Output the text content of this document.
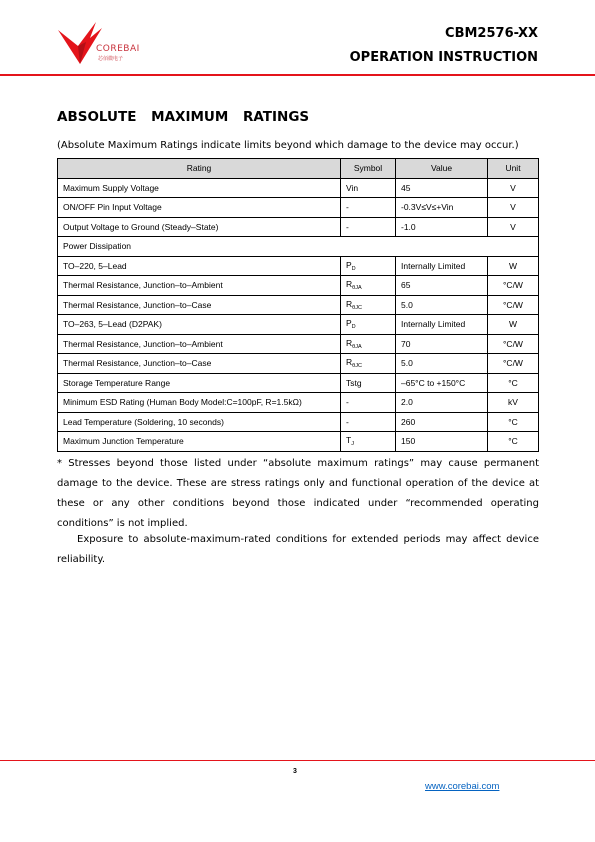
COREBAI
芯佰微电子
CBM2576-XX
OPERATION INSTRUCTION
ABSOLUTE MAXIMUM RATINGS
(Absolute Maximum Ratings indicate limits beyond which damage to the device may occur.)
Rating	Symbol	Value	Unit
Maximum Supply Voltage	Vin	45	V
ON/OFF Pin Input Voltage	-	-0.3V≤V≤+Vin	V
Output Voltage to Ground (Steady–State)	-	-1.0	V
Power Dissipation			
TO–220, 5–Lead	$P_D$	Internally Limited	W
Thermal Resistance, Junction–to–Ambient	$R_{\theta JA}$	65	°C/W
Thermal Resistance, Junction–to–Case	$R_{\theta JC}$	5.0	°C/W
TO–263, 5–Lead (D2PAK)	$P_D$	Internally Limited	W
Thermal Resistance, Junction–to–Ambient	$R_{\theta JA}$	70	°C/W
Thermal Resistance, Junction–to–Case	$R_{\theta JC}$	5.0	°C/W
Storage Temperature Range	Tstg	–65°C to +150°C	°C
Minimum ESD Rating (Human Body Model:C=100pF, R=1.5kΩ)	-	2.0	kV
Lead Temperature (Soldering, 10 seconds)	-	260	°C
Maximum Junction Temperature	$T_J$	150	°C
* Stresses beyond those listed under “absolute maximum ratings” may cause permanent damage to the device. These are stress ratings only and functional operation of the device at these or any other conditions beyond those indicated under “recommended operating conditions” is not implied.
Exposure to absolute-maximum-rated conditions for extended periods may affect device reliability.
3
www.corebai.com
